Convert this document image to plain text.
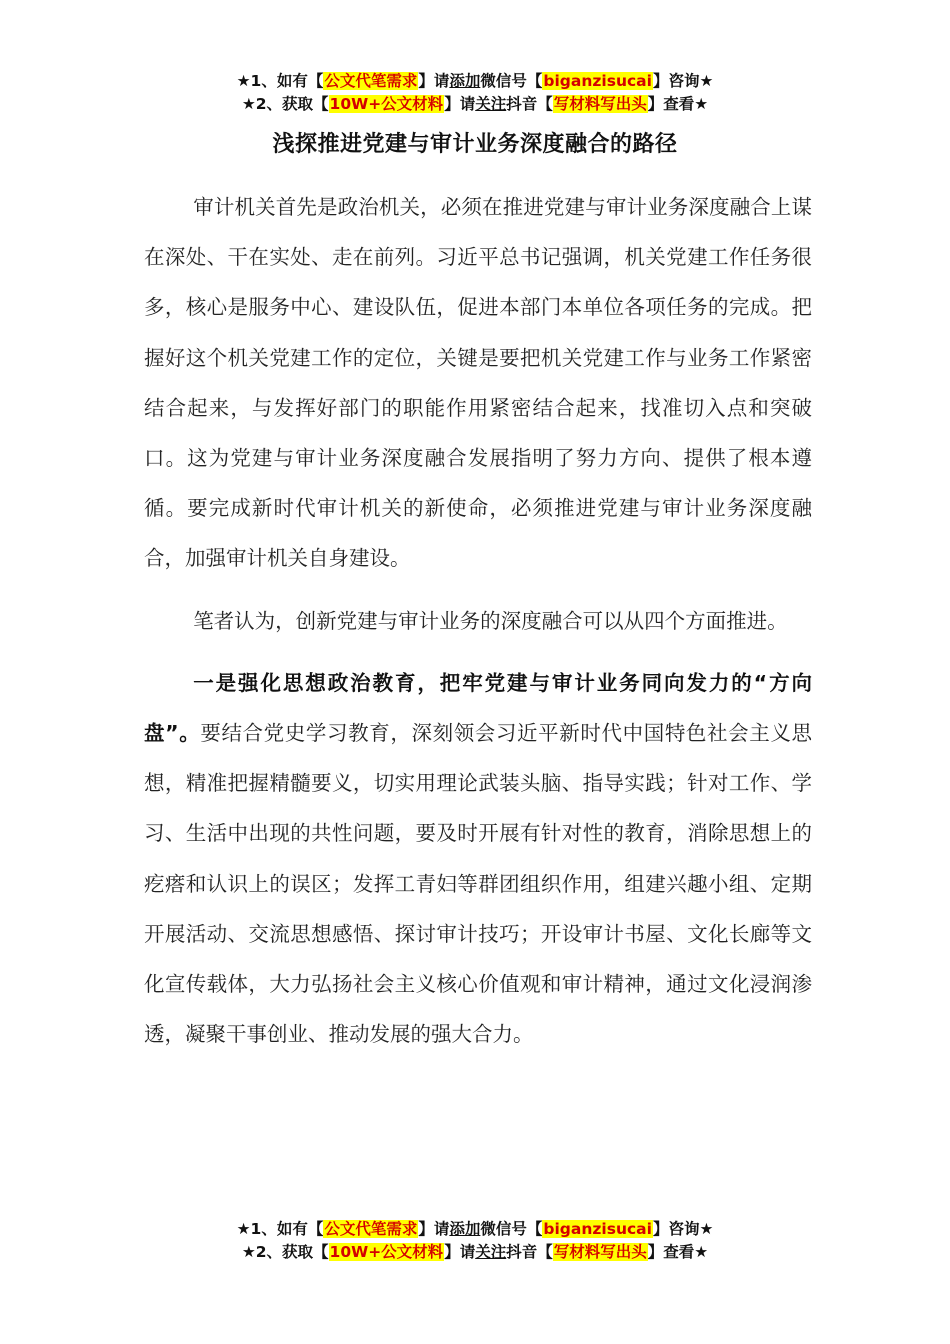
★1、如有【公文代笔需求】请添加微信号【biganzisucai】咨询★
★2、获取【10W+公文材料】请关注抖音【写材料写出头】查看★
浅探推进党建与审计业务深度融合的路径

审计机关首先是政治机关，必须在推进党建与审计业务深度融合上谋在深处、干在实处、走在前列。习近平总书记强调，机关党建工作任务很多，核心是服务中心、建设队伍，促进本部门本单位各项任务的完成。把握好这个机关党建工作的定位，关键是要把机关党建工作与业务工作紧密结合起来，与发挥好部门的职能作用紧密结合起来，找准切入点和突破口。这为党建与审计业务深度融合发展指明了努力方向、提供了根本遵循。要完成新时代审计机关的新使命，必须推进党建与审计业务深度融合，加强审计机关自身建设。

笔者认为，创新党建与审计业务的深度融合可以从四个方面推进。

一是强化思想政治教育，把牢党建与审计业务同向发力的“方向盘”。要结合党史学习教育，深刻领会习近平新时代中国特色社会主义思想，精准把握精髓要义，切实用理论武装头脑、指导实践；针对工作、学习、生活中出现的共性问题，要及时开展有针对性的教育，消除思想上的疙瘩和认识上的误区；发挥工青妇等群团组织作用，组建兴趣小组、定期开展活动、交流思想感悟、探讨审计技巧；开设审计书屋、文化长廊等文化宣传载体，大力弘扬社会主义核心价值观和审计精神，通过文化浸润渗透，凝聚干事创业、推动发展的强大合力。

★1、如有【公文代笔需求】请添加微信号【biganzisucai】咨询★
★2、获取【10W+公文材料】请关注抖音【写材料写出头】查看★
